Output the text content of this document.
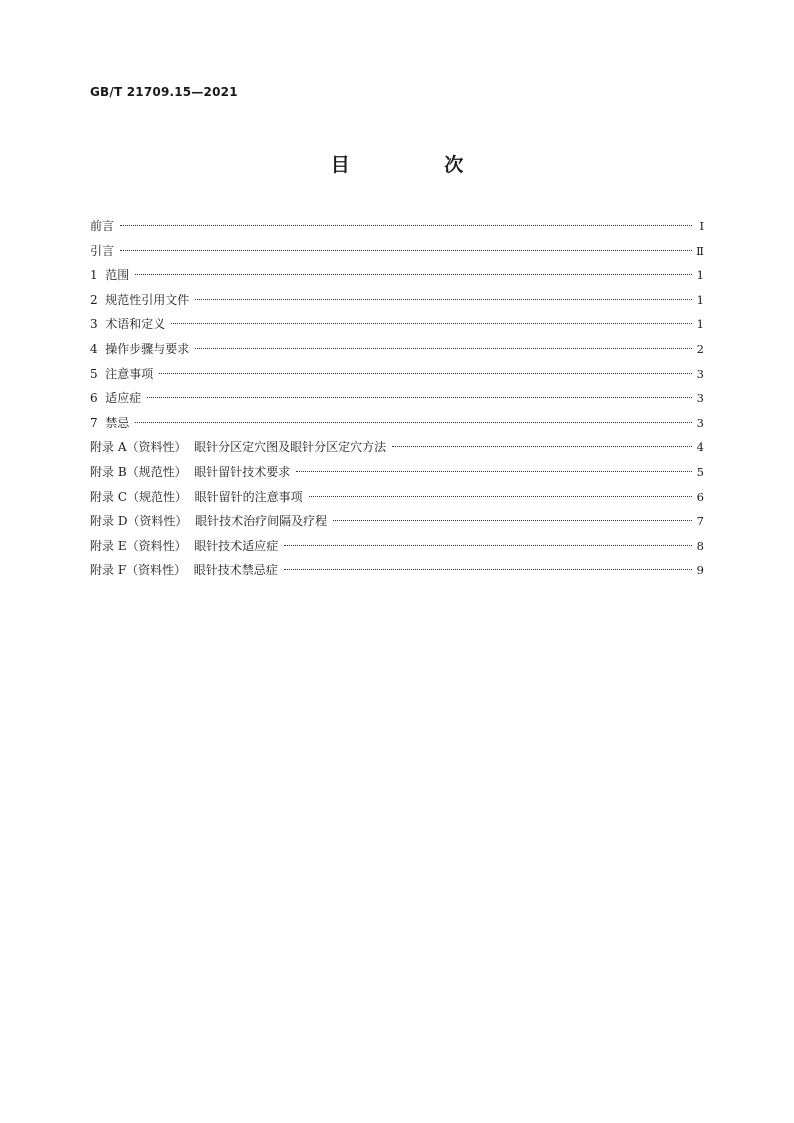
GB/T 21709.15—2021
目 次
前言	Ⅰ
引言	Ⅱ
1  范围	1
2  规范性引用文件	1
3  术语和定义	1
4  操作步骤与要求	2
5  注意事项	3
6  适应症	3
7  禁忌	3
附录 A（资料性）  眼针分区定穴图及眼针分区定穴方法	4
附录 B（规范性）  眼针留针技术要求	5
附录 C（规范性）  眼针留针的注意事项	6
附录 D（资料性）  眼针技术治疗间隔及疗程	7
附录 E（资料性）  眼针技术适应症	8
附录 F（资料性）  眼针技术禁忌症	9
